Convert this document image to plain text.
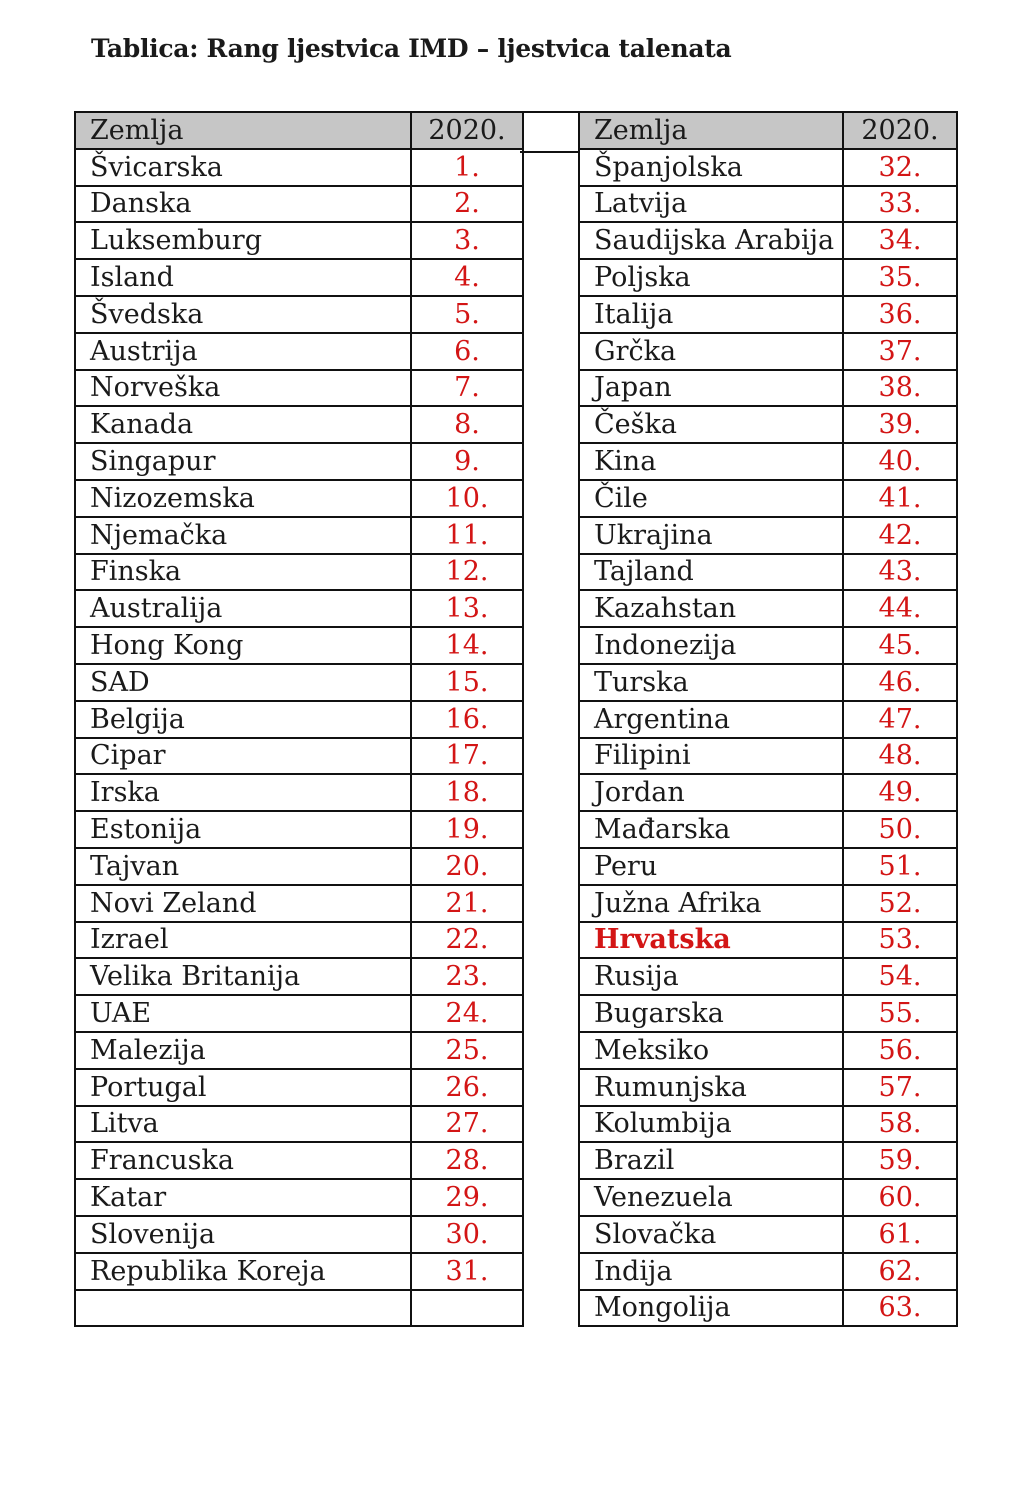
Tablica: Rang ljestvica IMD – ljestvica talenata
Zemlja	2020.
Švicarska	1.
Danska	2.
Luksemburg	3.
Island	4.
Švedska	5.
Austrija	6.
Norveška	7.
Kanada	8.
Singapur	9.
Nizozemska	10.
Njemačka	11.
Finska	12.
Australija	13.
Hong Kong	14.
SAD	15.
Belgija	16.
Cipar	17.
Irska	18.
Estonija	19.
Tajvan	20.
Novi Zeland	21.
Izrael	22.
Velika Britanija	23.
UAE	24.
Malezija	25.
Portugal	26.
Litva	27.
Francuska	28.
Katar	29.
Slovenija	30.
Republika Koreja	31.

Zemlja	2020.
Španjolska	32.
Latvija	33.
Saudijska Arabija	34.
Poljska	35.
Italija	36.
Grčka	37.
Japan	38.
Češka	39.
Kina	40.
Čile	41.
Ukrajina	42.
Tajland	43.
Kazahstan	44.
Indonezija	45.
Turska	46.
Argentina	47.
Filipini	48.
Jordan	49.
Mađarska	50.
Peru	51.
Južna Afrika	52.
Hrvatska	53.
Rusija	54.
Bugarska	55.
Meksiko	56.
Rumunjska	57.
Kolumbija	58.
Brazil	59.
Venezuela	60.
Slovačka	61.
Indija	62.
Mongolija	63.
